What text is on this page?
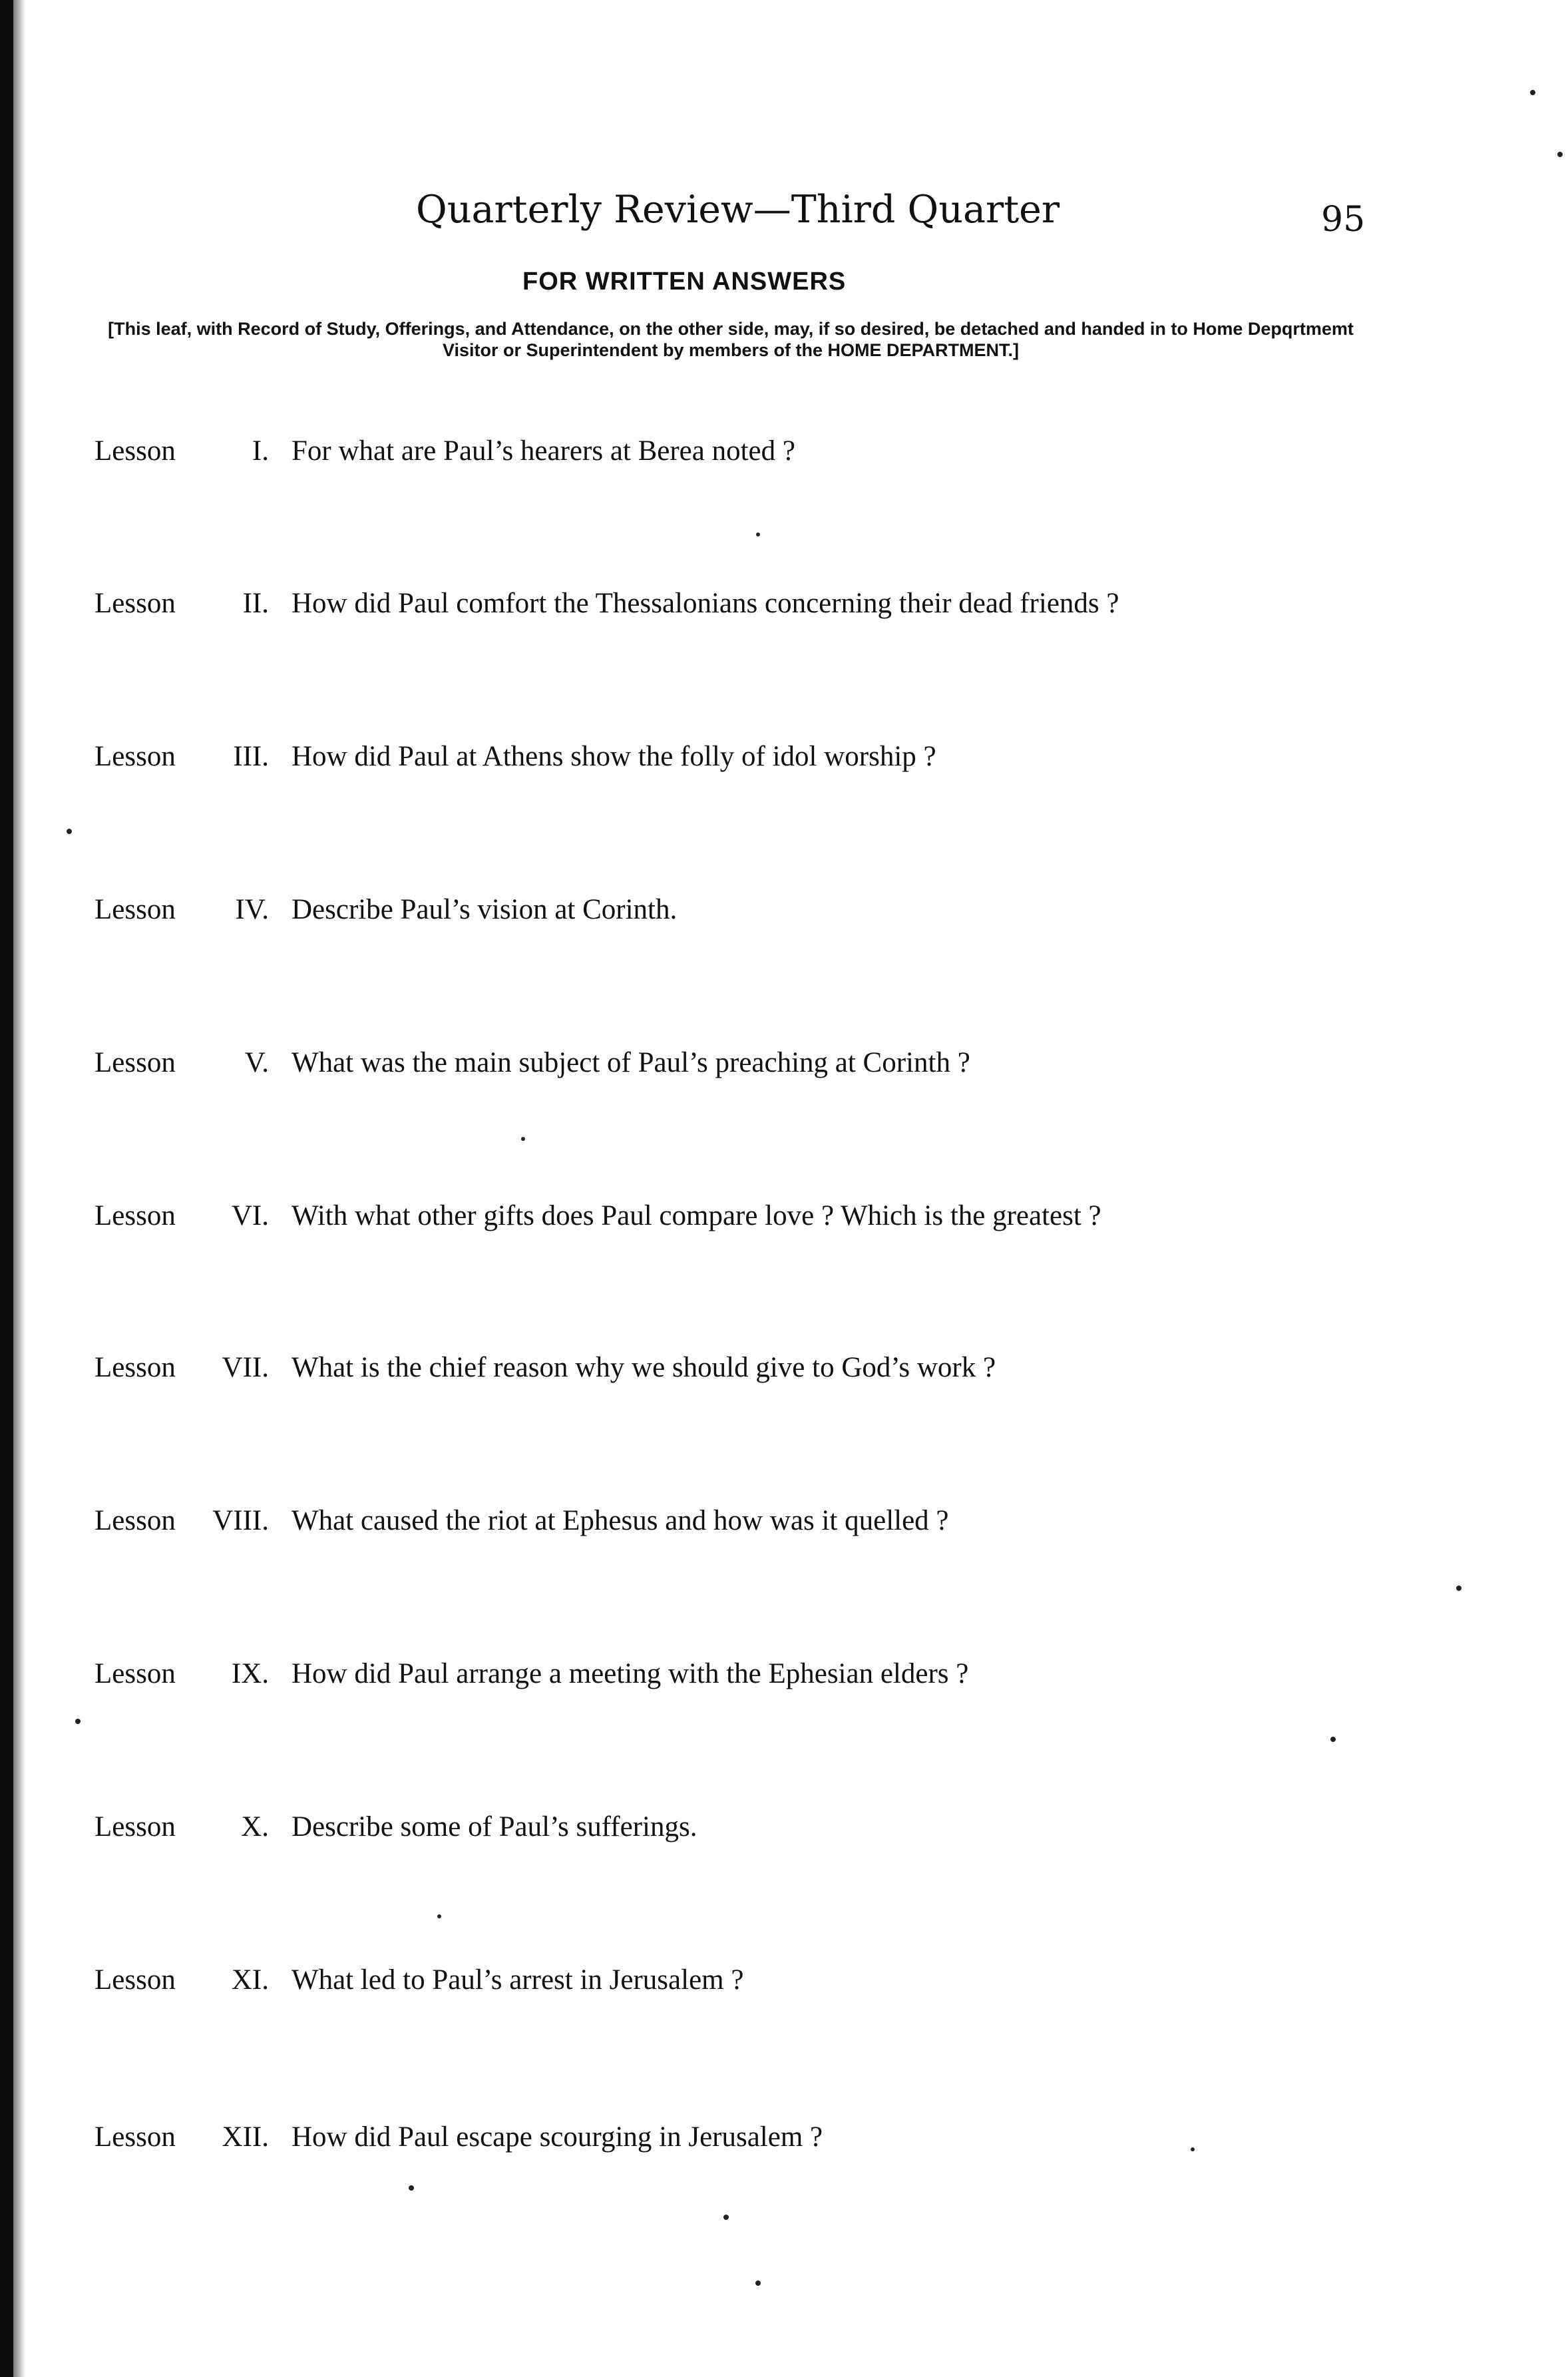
Quarterly Review—Third Quarter	95
FOR WRITTEN ANSWERS
[This leaf, with Record of Study, Offerings, and Attendance, on the other side, may, if so desired, be detached and handed in to Home Depqrtmemt Visitor or Superintendent by members of the HOME DEPARTMENT.]
Lesson	I. For what are Paul’s hearers at Berea noted ?
Lesson II. How did Paul comfort the Thessalonians concerning their dead friends ?
Lesson III. How did Paul at Athens show the folly of idol worship ?
Lesson IV. Describe Paul’s vision at Corinth.
Lesson V. What was the main subject of Paul’s preaching at Corinth ?
Lesson VI. With what other gifts does Paul compare love ? Which is the greatest ?
Lesson VII. What is the chief reason why we should give to God’s work ?
Lesson VIII. What caused the riot at Ephesus and how was it quelled ?
Lesson IX. How did Paul arrange a meeting with the Ephesian elders ?
Lesson X. Describe some of Paul’s sufferings.
Lesson XI. What led to Paul’s arrest in Jerusalem ?
Lesson XII. How did Paul escape scourging in Jerusalem ?
